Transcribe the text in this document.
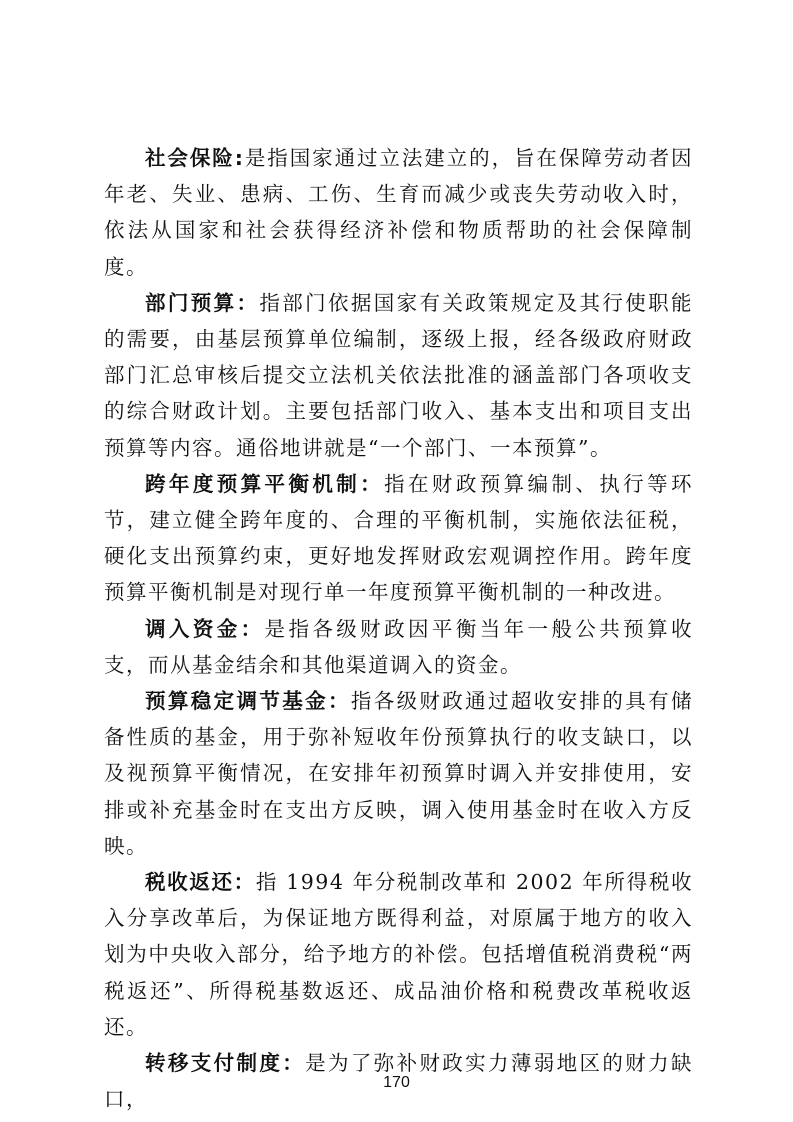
社会保险:是指国家通过立法建立的，旨在保障劳动者因年老、失业、患病、工伤、生育而减少或丧失劳动收入时，依法从国家和社会获得经济补偿和物质帮助的社会保障制度。

部门预算：指部门依据国家有关政策规定及其行使职能的需要，由基层预算单位编制，逐级上报，经各级政府财政部门汇总审核后提交立法机关依法批准的涵盖部门各项收支的综合财政计划。主要包括部门收入、基本支出和项目支出预算等内容。通俗地讲就是“一个部门、一本预算”。

跨年度预算平衡机制：指在财政预算编制、执行等环节，建立健全跨年度的、合理的平衡机制，实施依法征税，硬化支出预算约束，更好地发挥财政宏观调控作用。跨年度预算平衡机制是对现行单一年度预算平衡机制的一种改进。

调入资金：是指各级财政因平衡当年一般公共预算收支，而从基金结余和其他渠道调入的资金。

预算稳定调节基金：指各级财政通过超收安排的具有储备性质的基金，用于弥补短收年份预算执行的收支缺口，以及视预算平衡情况，在安排年初预算时调入并安排使用，安排或补充基金时在支出方反映，调入使用基金时在收入方反映。

税收返还：指 1994 年分税制改革和 2002 年所得税收入分享改革后，为保证地方既得利益，对原属于地方的收入划为中央收入部分，给予地方的补偿。包括增值税消费税“两税返还”、所得税基数返还、成品油价格和税费改革税收返还。

转移支付制度：是为了弥补财政实力薄弱地区的财力缺口，

170
